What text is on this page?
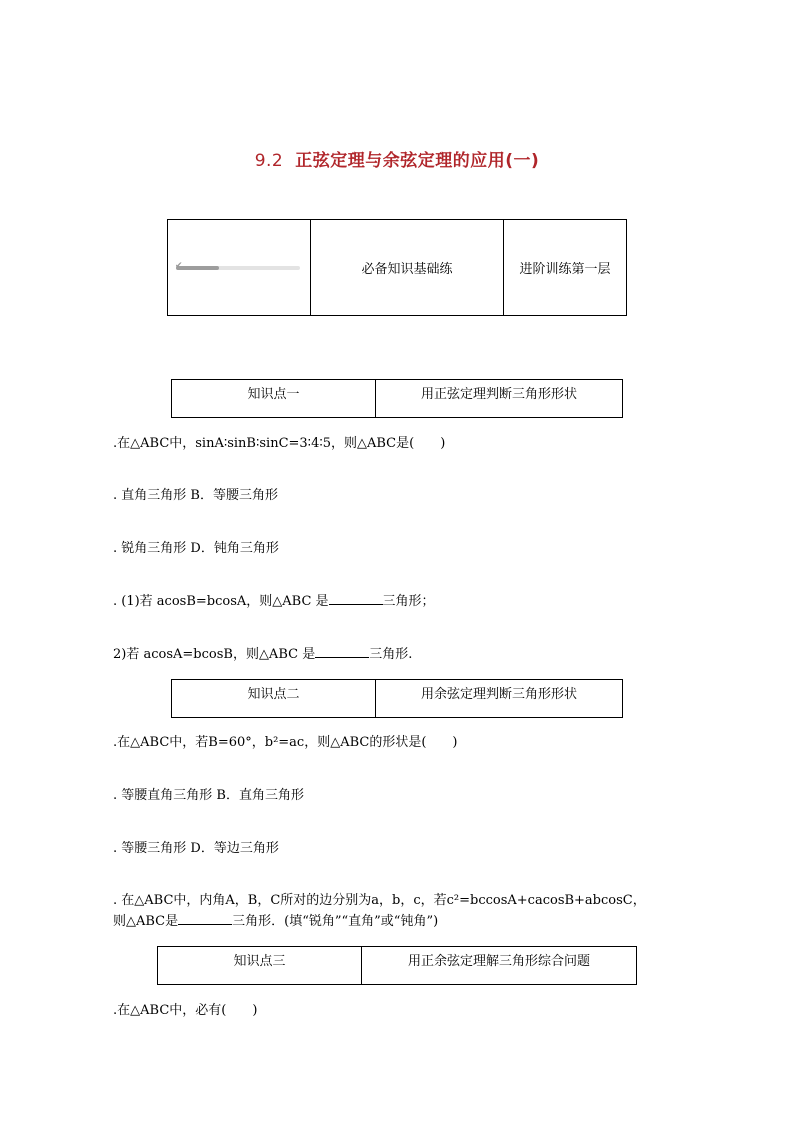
9.2 正弦定理与余弦定理的应用(一)
✔	必备知识基础练	进阶训练第一层
知识点一	用正弦定理判断三角形形状
.在△ABC中，sinA∶sinB∶sinC=3∶4∶5，则△ABC是(　　)
. 直角三角形 B．等腰三角形
. 锐角三角形 D．钝角三角形
. (1)若 acosB=bcosA，则△ABC 是	三角形；
2)若 acosA=bcosB，则△ABC 是	三角形.
知识点二	用余弦定理判断三角形形状
.在△ABC中，若B=60°，b²=ac，则△ABC的形状是(　　)
. 等腰直角三角形 B．直角三角形
. 等腰三角形 D．等边三角形
. 在△ABC中，内角A，B，C所对的边分别为a，b，c，若c²=bccosA+cacosB+abcosC，
则△ABC是	三角形．(填“锐角”“直角”或“钝角”)
知识点三	用正余弦定理解三角形综合问题
.在△ABC中，必有(　　)
